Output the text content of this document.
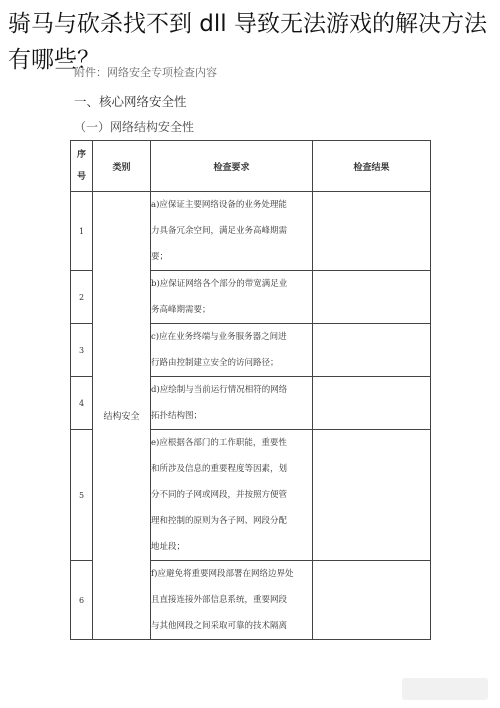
附件：网络安全专项检查内容
一、核心网络安全性
（一）网络结构安全性
序
号	类别	检查要求	检查结果
1	结构安全	a)应保证主要网络设备的业务处理能
力具备冗余空间，满足业务高峰期需
要；	

2		b)应保证网络各个部分的带宽满足业
务高峰期需要；	

3		c)应在业务终端与业务服务器之间进
行路由控制建立安全的访问路径；	

4		d)应绘制与当前运行情况相符的网络
拓扑结构图；	

5		e)应根据各部门的工作职能，重要性
和所涉及信息的重要程度等因素，划
分不同的子网或网段，并按照方便管
理和控制的原则为各子网、网段分配
地址段；	

6		f)应避免将重要网段部署在网络边界处
且直接连接外部信息系统，重要网段
与其他网段之间采取可靠的技术隔离	

骑马与砍杀找不到 dll 导致无法游戏的解决方法有哪些？
